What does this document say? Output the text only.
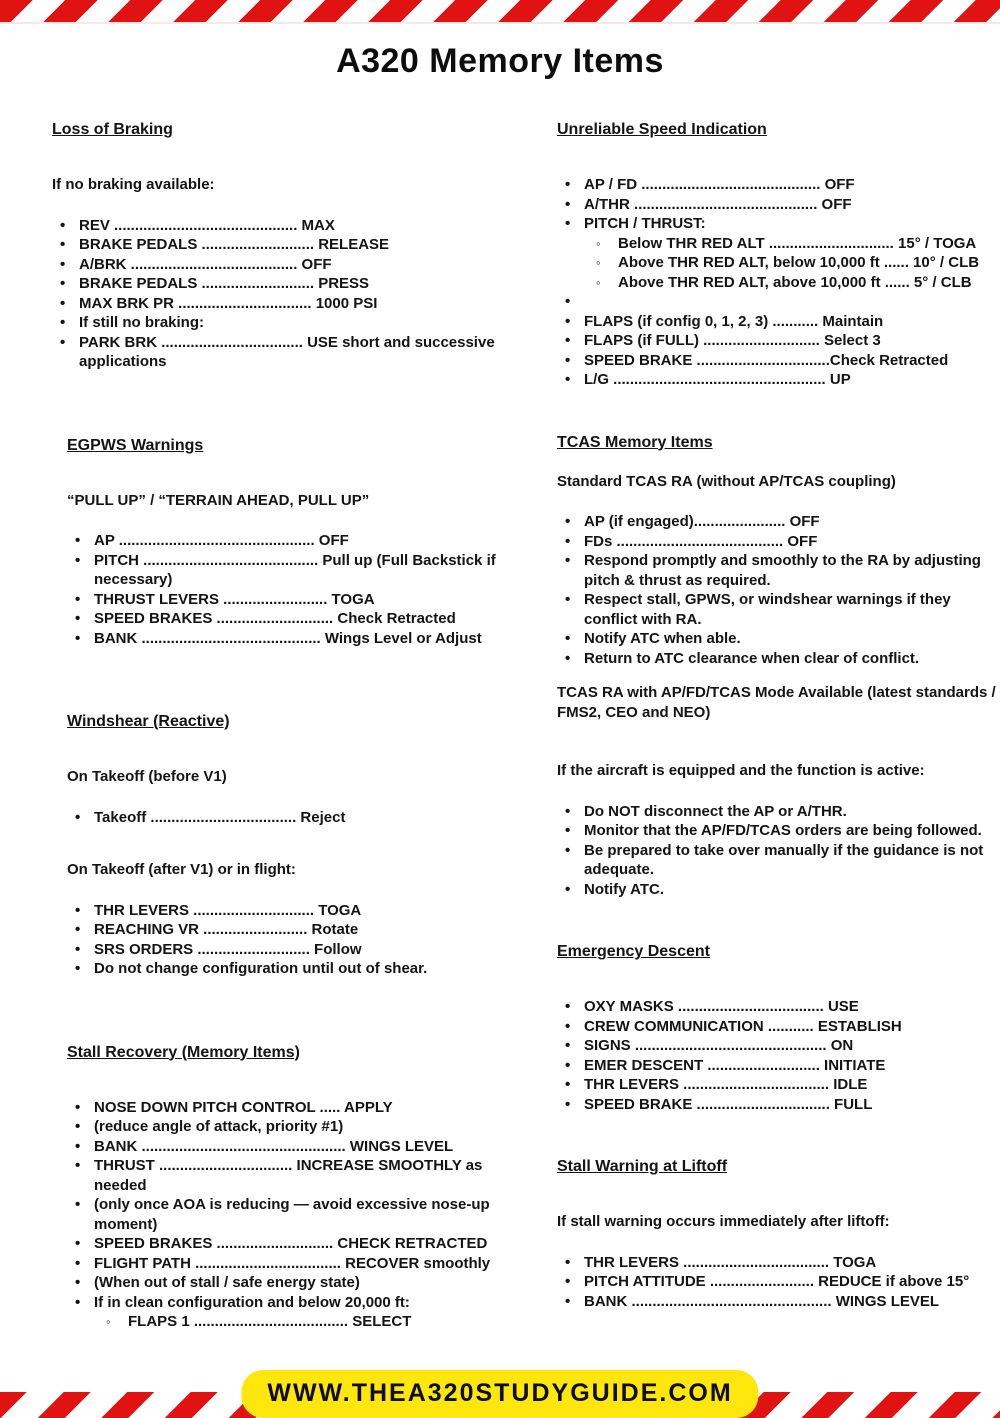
A320 Memory Items
Loss of Braking

If no braking available:

• REV ............................................ MAX
• BRAKE PEDALS ........................... RELEASE
• A/BRK ........................................ OFF
• BRAKE PEDALS ........................... PRESS
• MAX BRK PR ................................ 1000 PSI
• If still no braking:
• PARK BRK .................................. USE short and successive applications
EGPWS Warnings

“PULL UP” / “TERRAIN AHEAD, PULL UP”

• AP ............................................... OFF
• PITCH .......................................... Pull up (Full Backstick if necessary)
• THRUST LEVERS ......................... TOGA
• SPEED BRAKES ............................ Check Retracted
• BANK ........................................... Wings Level or Adjust
Windshear (Reactive)

On Takeoff (before V1)

• Takeoff ................................... Reject

On Takeoff (after V1) or in flight:

• THR LEVERS ............................. TOGA
• REACHING VR ......................... Rotate
• SRS ORDERS ........................... Follow
• Do not change configuration until out of shear.
Stall Recovery (Memory Items)
• NOSE DOWN PITCH CONTROL ..... APPLY
• (reduce angle of attack, priority #1)
• BANK ................................................. WINGS LEVEL
• THRUST ................................ INCREASE SMOOTHLY as needed
• (only once AOA is reducing — avoid excessive nose-up moment)
• SPEED BRAKES ............................ CHECK RETRACTED
• FLIGHT PATH ................................... RECOVER smoothly
• (When out of stall / safe energy state)
• If in clean configuration and below 20,000 ft:
◦	FLAPS 1 ..................................... SELECT
Unreliable Speed Indication
• AP / FD ........................................... OFF
• A/THR ............................................ OFF
• PITCH / THRUST:
◦	Below THR RED ALT .............................. 15° / TOGA
◦	Above THR RED ALT, below 10,000 ft ...... 10° / CLB
◦	Above THR RED ALT, above 10,000 ft ...... 5° / CLB
•
• FLAPS (if config 0, 1, 2, 3) ........... Maintain
• FLAPS (if FULL) ............................ Select 3
• SPEED BRAKE ................................Check Retracted
• L/G ................................................... UP
TCAS Memory Items

Standard TCAS RA (without AP/TCAS coupling)

• AP (if engaged)...................... OFF
• FDs ........................................ OFF
• Respond promptly and smoothly to the RA by adjusting pitch & thrust as required.
• Respect stall, GPWS, or windshear warnings if they conflict with RA.
• Notify ATC when able.
• Return to ATC clearance when clear of conflict.

TCAS RA with AP/FD/TCAS Mode Available (latest standards / FMS2, CEO and NEO)

If the aircraft is equipped and the function is active:

• Do NOT disconnect the AP or A/THR.
• Monitor that the AP/FD/TCAS orders are being followed.
• Be prepared to take over manually if the guidance is not adequate.
• Notify ATC.
Emergency Descent
• OXY MASKS ................................... USE
• CREW COMMUNICATION ........... ESTABLISH
• SIGNS .............................................. ON
• EMER DESCENT ........................... INITIATE
• THR LEVERS ................................... IDLE
• SPEED BRAKE ................................ FULL
Stall Warning at Liftoff

If stall warning occurs immediately after liftoff:

• THR LEVERS ................................... TOGA
• PITCH ATTITUDE ......................... REDUCE if above 15°
• BANK ................................................ WINGS LEVEL
WWW.THEA320STUDYGUIDE.COM
